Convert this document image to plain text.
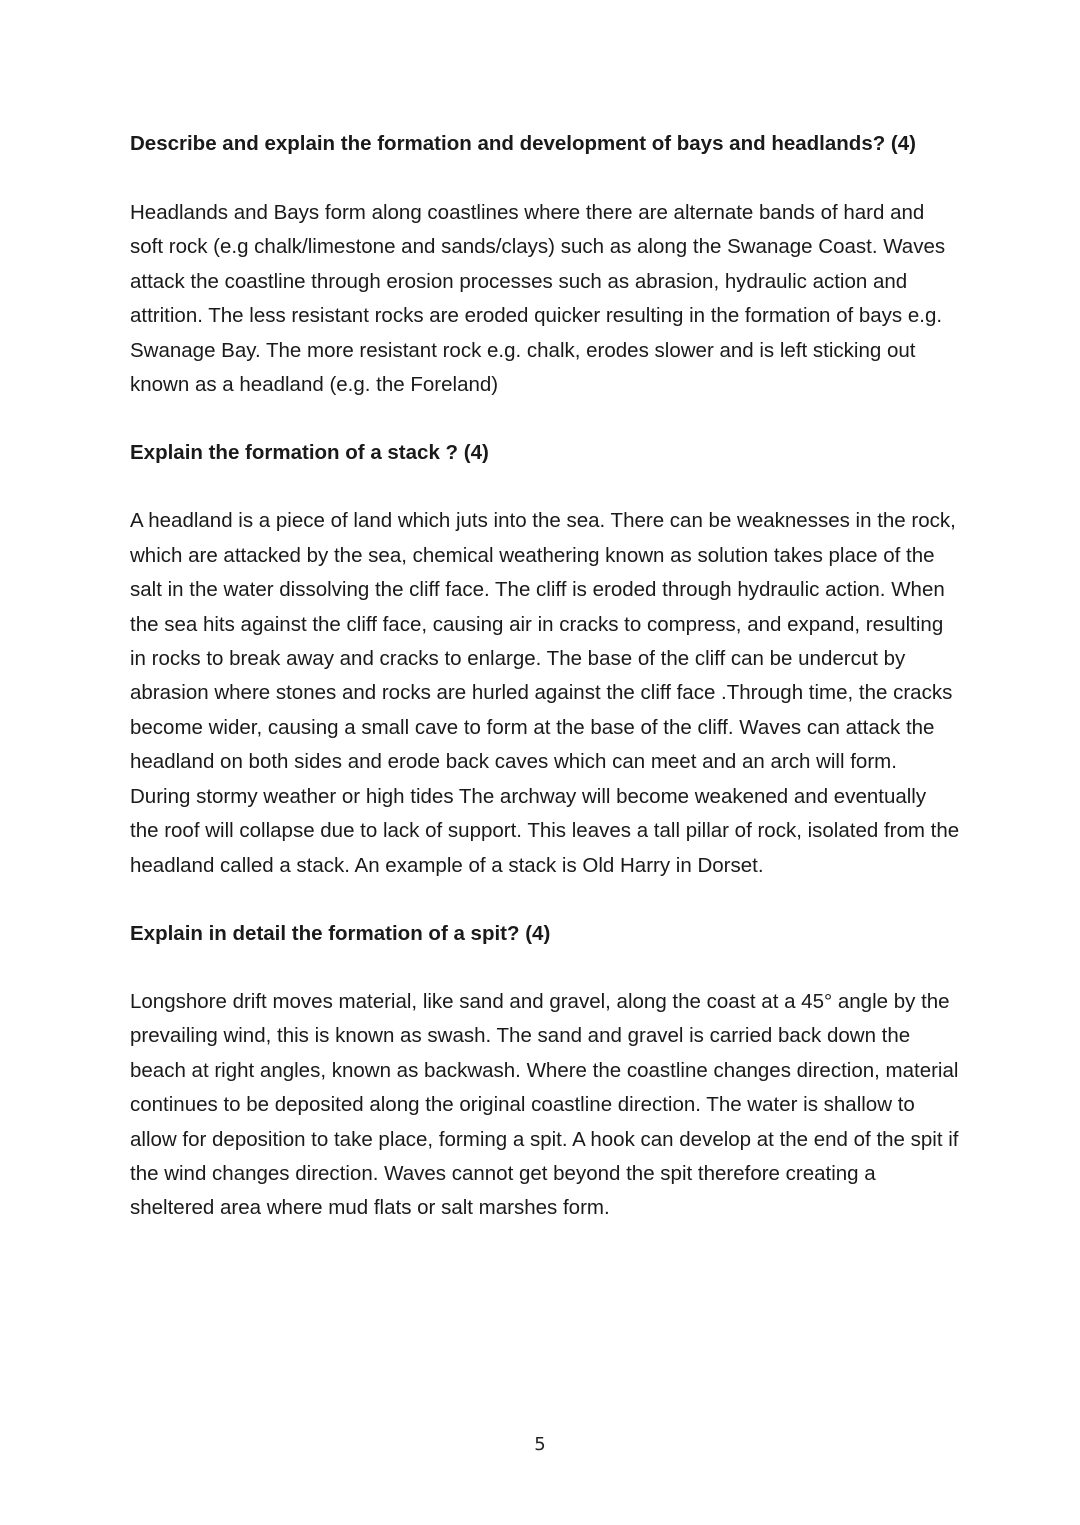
Describe and explain the formation and development of bays and headlands? (4)

Headlands and Bays form along coastlines where there are alternate bands of hard and soft rock (e.g chalk/limestone and sands/clays) such as along the Swanage Coast. Waves attack the coastline through erosion processes such as abrasion, hydraulic action and attrition. The less resistant rocks are eroded quicker resulting in the formation of bays e.g. Swanage Bay. The more resistant rock e.g. chalk, erodes slower and is left sticking out known as a headland (e.g. the Foreland)

Explain the formation of a stack ? (4)

A headland is a piece of land which juts into the sea. There can be weaknesses in the rock, which are attacked by the sea, chemical weathering known as solution takes place of the salt in the water dissolving the cliff face. The cliff is eroded through hydraulic action. When the sea hits against the cliff face, causing air in cracks to compress, and expand, resulting in rocks to break away and cracks to enlarge. The base of the cliff can be undercut by abrasion where stones and rocks are hurled against the cliff face .Through time, the cracks become wider, causing a small cave to form at the base of the cliff. Waves can attack the headland on both sides and erode back caves which can meet and an arch will form. During stormy weather or high tides The archway will become weakened and eventually the roof will collapse due to lack of support. This leaves a tall pillar of rock, isolated from the headland called a stack. An example of a stack is Old Harry in Dorset.

Explain in detail the formation of a spit? (4)

Longshore drift moves material, like sand and gravel, along the coast at a 45° angle by the prevailing wind, this is known as swash. The sand and gravel is carried back down the beach at right angles, known as backwash. Where the coastline changes direction, material continues to be deposited along the original coastline direction. The water is shallow to allow for deposition to take place, forming a spit. A hook can develop at the end of the spit if the wind changes direction. Waves cannot get beyond the spit therefore creating a sheltered area where mud flats or salt marshes form.

5
